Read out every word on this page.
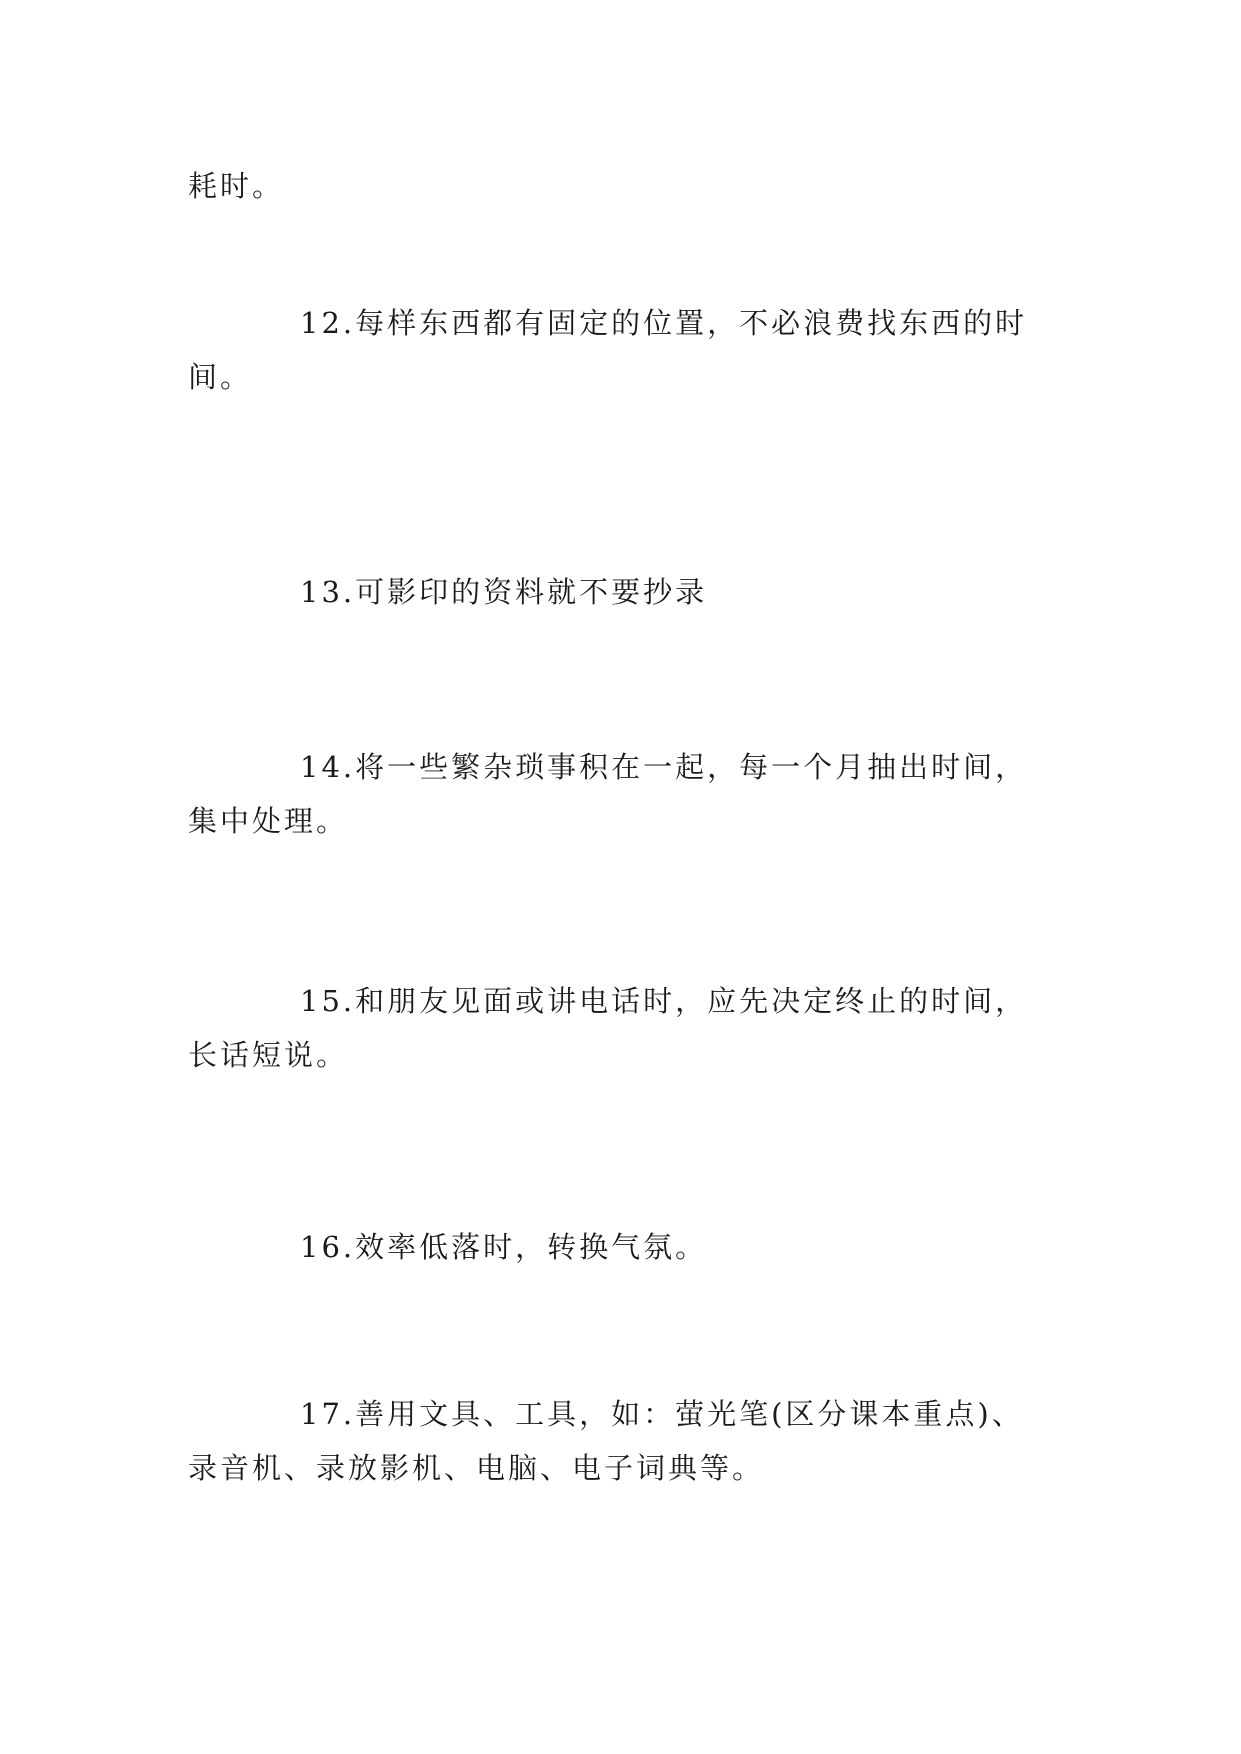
耗时。

12.每样东西都有固定的位置，不必浪费找东西的时

间。

13.可影印的资料就不要抄录

14.将一些繁杂琐事积在一起，每一个月抽出时间，

集中处理。

15.和朋友见面或讲电话时，应先决定终止的时间，

长话短说。

16.效率低落时，转换气氛。

17.善用文具、工具，如：萤光笔(区分课本重点)、

录音机、录放影机、电脑、电子词典等。
